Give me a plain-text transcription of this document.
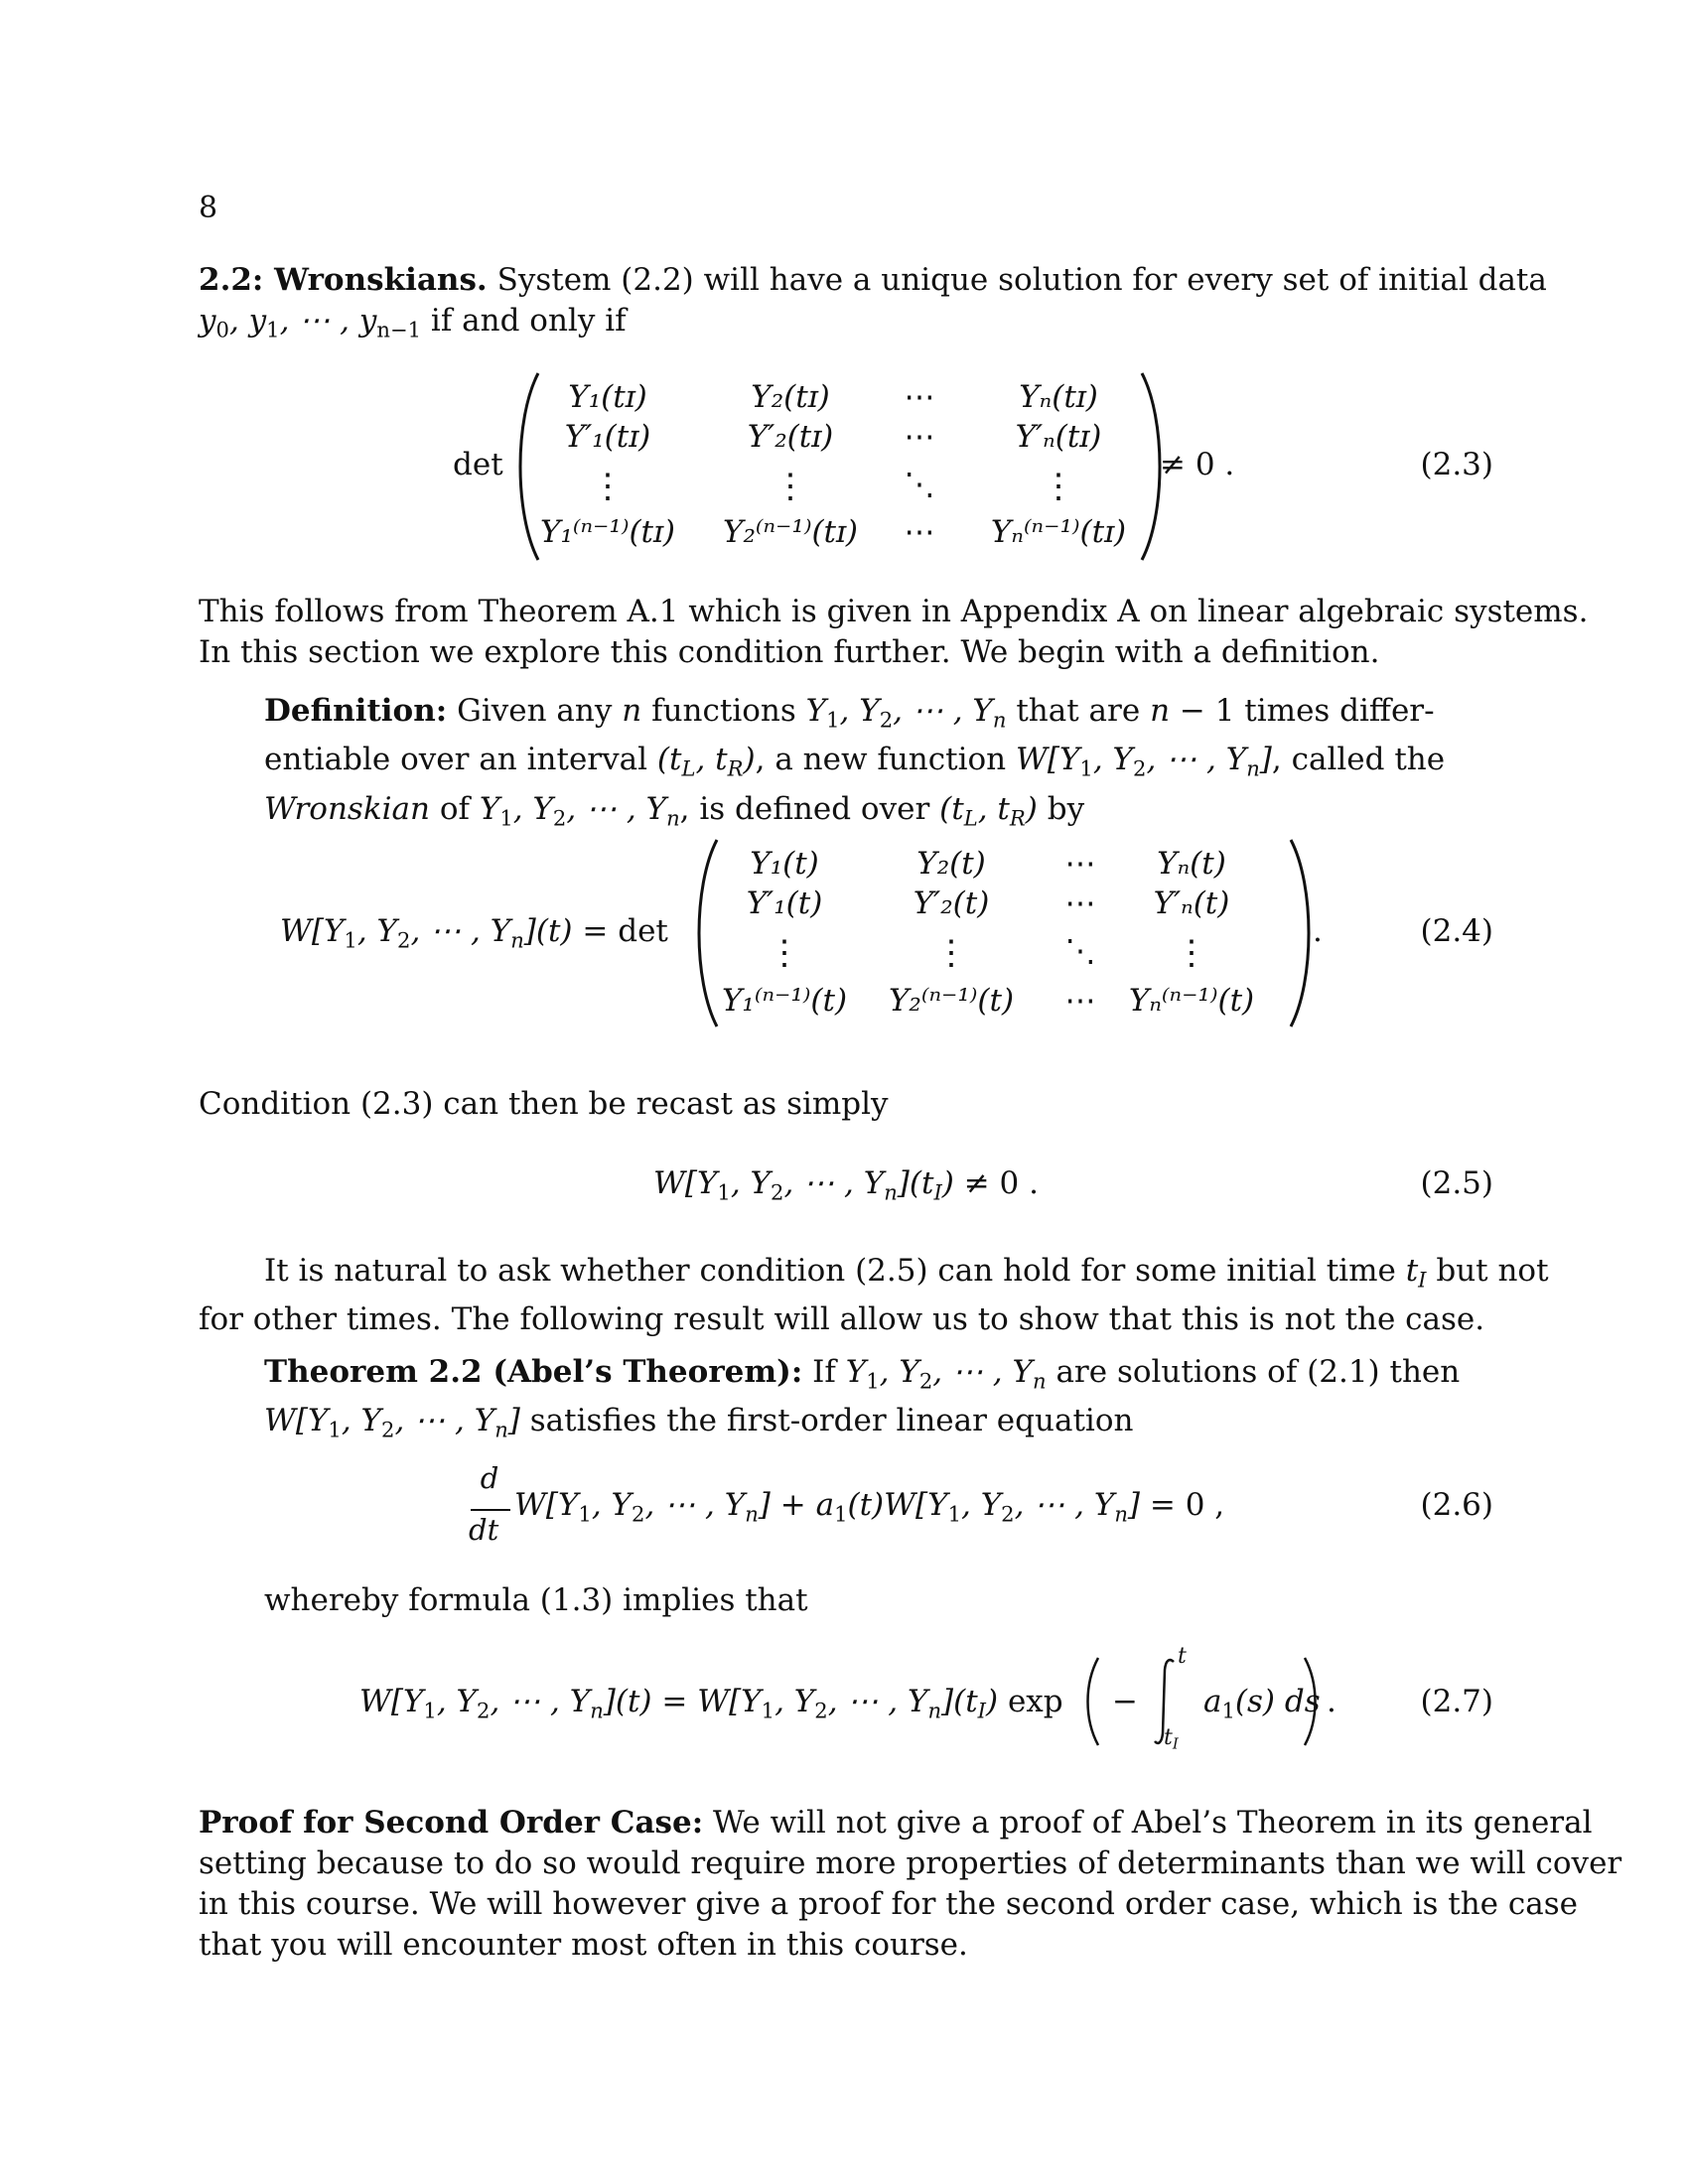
8
2.2: Wronskians. System (2.2) will have a unique solution for every set of initial data
$y_0$, $y_1$, ⋯ , $y_{n-1}$ if and only if
det
Y₁(tɪ)	Y₂(tɪ) ⋯	Yₙ(tɪ)
Y′₁(tɪ)	Y′₂(tɪ) ⋯	Y′ₙ(tɪ)
⋮	⋮	⋱	⋮
Y₁⁽ⁿ⁻¹⁾(tɪ) Y₂⁽ⁿ⁻¹⁾(tɪ) ⋯ Yₙ⁽ⁿ⁻¹⁾(tɪ)
≠ 0 .	(2.3)
This follows from Theorem A.1 which is given in Appendix A on linear algebraic systems.
In this section we explore this condition further. We begin with a definition.
Definition: Given any n functions $Y_1$, $Y_2$, ⋯ , $Y_n$ that are n − 1 times differ-
entiable over an interval ($t_L$, $t_R$), a new function $W[Y_1$, $Y_2$, ⋯ , $Y_n$], called the
Wronskian of $Y_1$, $Y_2$, ⋯ , $Y_n$, is defined over ($t_L$, $t_R$) by
$W[Y_1$, $Y_2$, ⋯ , $Y_n](t) = \det$
Y₁(t)	Y₂(t)	⋯ Yₙ(t)
Y′₁(t)	Y′₂(t) ⋯ Y′ₙ(t)
⋮	⋮	⋱ ⋮
Y₁⁽ⁿ⁻¹⁾(t) Y₂⁽ⁿ⁻¹⁾(t) ⋯ Yₙ⁽ⁿ⁻¹⁾(t)
.	(2.4)
Condition (2.3) can then be recast as simply
$W[Y_1$, $Y_2$, ⋯ , $Y_n](t_I) \ne 0$ .	(2.5)
It is natural to ask whether condition (2.5) can hold for some initial time $t_I$ but not
for other times. The following result will allow us to show that this is not the case.
Theorem 2.2 (Abel’s Theorem): If $Y_1$, $Y_2$, ⋯ , $Y_n$ are solutions of (2.1) then
$W[Y_1$, $Y_2$, ⋯ , $Y_n$] satisfies the first-order linear equation
d
dt
$W[Y_1$, $Y_2$, ⋯ , $Y_n] + a_1(t)W[Y_1$, $Y_2$, ⋯ , $Y_n] = 0$ ,	(2.6)
whereby formula (1.3) implies that
$W[Y_1$, $Y_2$, ⋯ , $Y_n](t) = W[Y_1$, $Y_2$, ⋯ , $Y_n](t_I) \exp$ −
t
$t_I$
$a_1(s)$ ds .	(2.7)
Proof for Second Order Case: We will not give a proof of Abel’s Theorem in its general
setting because to do so would require more properties of determinants than we will cover
in this course. We will however give a proof for the second order case, which is the case
that you will encounter most often in this course.
